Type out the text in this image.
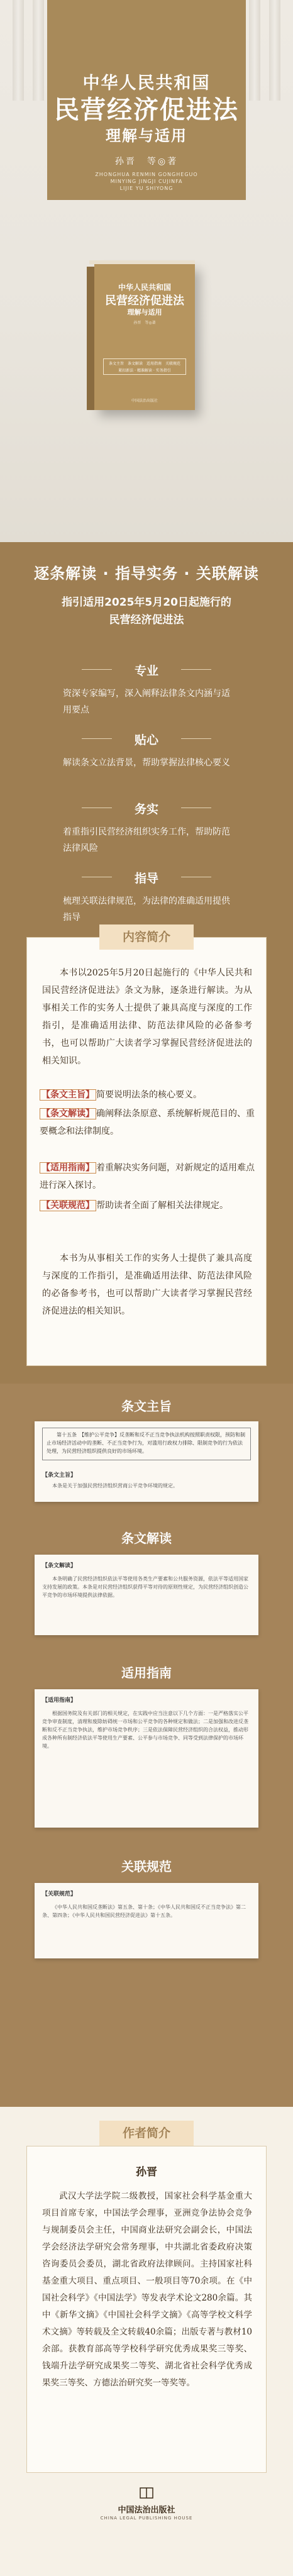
中华人民共和国
民营经济促进法
理解与适用
孙晋　等◎著
ZHONGHUA RENMIN GONGHEGUO
MINYING JINGJI CUJINFA
LIJIE YU SHIYONG
中华人民共和国
民营经济促进法
理解与适用
孙晋　等◎著
条文主旨　条文解读　适用指南　关联规范
紧扣新法 · 精准解读 · 实务指引
中国法治出版社
逐条解读 · 指导实务 · 关联解读
指引适用2025年5月20日起施行的
民营经济促进法
专业
资深专家编写，深入阐释法律条文内涵与适用要点
贴心
解读条文立法背景，帮助掌握法律核心要义
务实
着重指引民营经济组织实务工作，帮助防范法律风险
指导
梳理关联法律规范，为法律的准确适用提供指导
本书以2025年5月20日起施行的《中华人民共和国民营经济促进法》条文为脉，逐条进行解读。为从事相关工作的实务人士提供了兼具高度与深度的工作指引，是准确适用法律、防范法律风险的必备参考书，也可以帮助广大读者学习掌握民营经济促进法的相关知识。
【条文主旨】 简要说明法条的核心要义。
【条文解读】 确阐释法条原意、系统解析规范目的、重要概念和法律制度。
【适用指南】 着重解决实务问题，对新规定的适用难点进行深入探讨。
【关联规范】 帮助读者全面了解相关法律规定。
本书为从事相关工作的实务人士提供了兼具高度与深度的工作指引，是准确适用法律、防范法律风险的必备参考书，也可以帮助广大读者学习掌握民营经济促进法的相关知识。
内容简介
条文主旨
第十五条　【维护公平竞争】反垄断和反不正当竞争执法机构按照职责权限，预防和制止市场经济活动中的垄断、不正当竞争行为，对滥用行政权力排除、限制竞争的行为依法处理，为民营经济组织提供良好的市场环境。
【条文主旨】
本条是关于加强民营经济组织营商公平竞争环境的规定。
条文解读
【条文解读】
本条明确了民营经济组织依法平等使用各类生产要素和公共服务资源，依法平等适用国家支持发展的政策。本条是对民营经济组织获得平等对待的原则性规定，为民营经济组织创造公平竞争的市场环境提供法律依据。
适用指南
【适用指南】
根据国务院及有关部门的相关规定，在实践中应当注意以下几个方面：一是严格落实公平竞争审查制度，清理和废除妨碍统一市场和公平竞争的各种规定和做法；二是加强和改进反垄断和反不正当竞争执法，维护市场竞争秩序；三是依法保障民营经济组织的合法权益，推动形成各种所有制经济依法平等使用生产要素、公平参与市场竞争、同等受到法律保护的市场环境。
关联规范
【关联规范】
《中华人民共和国反垄断法》第五条、第十条；《中华人民共和国反不正当竞争法》第二条、第四条；《中华人民共和国民营经济促进法》第十五条。
孙晋
武汉大学法学院二级教授，国家社会科学基金重大项目首席专家，中国法学会理事，亚洲竞争法协会竞争与规制委员会主任，中国商业法研究会副会长，中国法学会经济法学研究会常务理事，中共湖北省委政府决策咨询委员会委员，湖北省政府法律顾问。主持国家社科基金重大项目、重点项目、一般项目等70余项。在《中国社会科学》《中国法学》等发表学术论文280余篇。其中《新华文摘》《中国社会科学文摘》《高等学校文科学术文摘》等转载及全文转载40余篇；出版专著与教材10余部。获教育部高等学校科学研究优秀成果奖三等奖、钱端升法学研究成果奖二等奖、湖北省社会科学优秀成果奖三等奖、方德法治研究奖一等奖等。
作者简介
中国法治出版社
CHINA LEGAL PUBLISHING HOUSE
